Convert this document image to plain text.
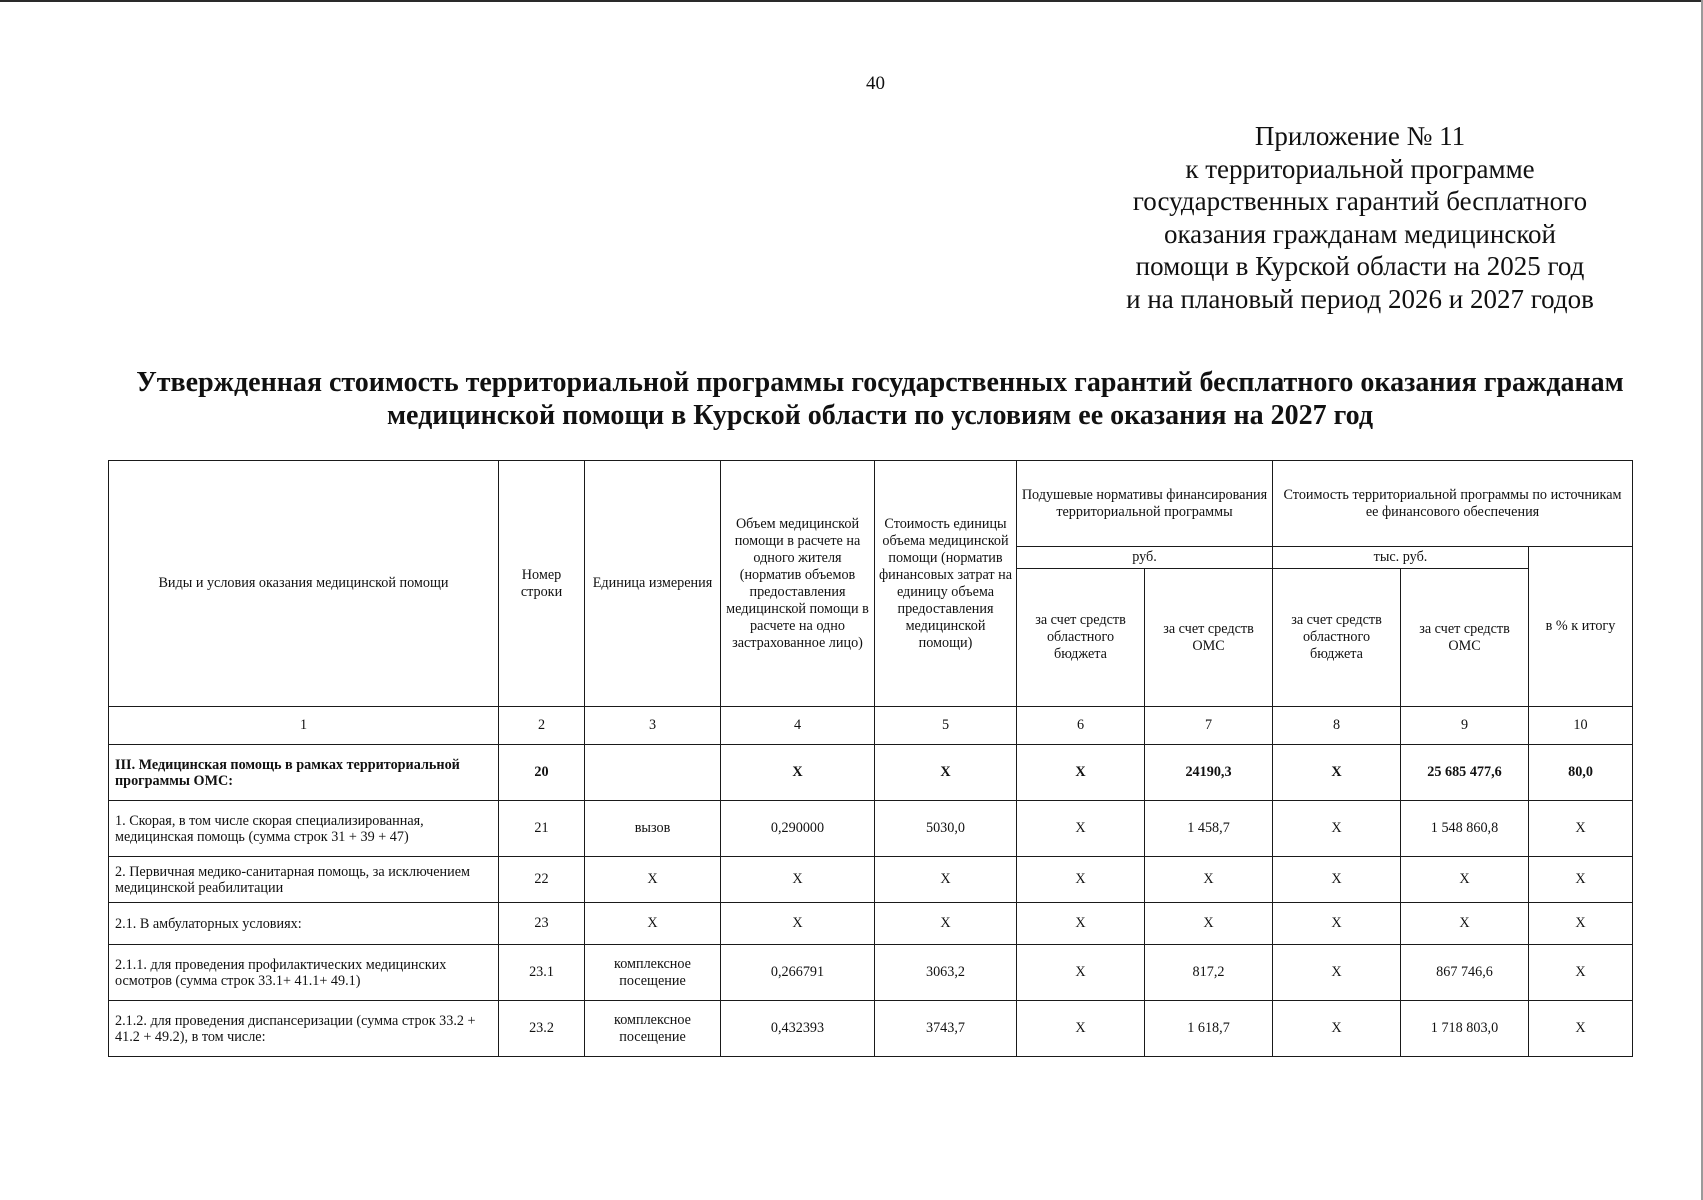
40
Приложение № 11
к территориальной программе
государственных гарантий бесплатного
оказания гражданам медицинской
помощи в Курской области на 2025 год
и на плановый период 2026 и 2027 годов
Утвержденная стоимость территориальной программы государственных гарантий бесплатного оказания гражданам
медицинской помощи в Курской области по условиям ее оказания на 2027 год
Виды и условия оказания медицинской помощи	Номер строки	Единица измерения	Объем медицинской помощи в расчете на одного жителя (норматив объемов предоставления медицинской помощи в расчете на одно застрахованное лицо)	Стоимость единицы объема медицинской помощи (норматив финансовых затрат на единицу объема предоставления медицинской помощи)	Подушевые нормативы финансирования территориальной программы		Стоимость территориальной программы по источникам ее финансового обеспечения		
					руб.		тыс. руб.		в % к итогу
					за счет средств областного бюджета	за счет средств ОМС	за счет средств областного бюджета	за счет средств ОМС	
1	2	3	4	5	6	7	8	9	10
III. Медицинская помощь в рамках территориальной программы ОМС:	20		Х	Х	Х	24190,3	Х	25 685 477,6	80,0
1. Скорая, в том числе скорая специализированная, медицинская помощь (сумма строк 31 + 39 + 47)	21	вызов	0,290000	5030,0	Х	1 458,7	Х	1 548 860,8	Х
2. Первичная медико-санитарная помощь, за исключением медицинской реабилитации	22	Х	Х	Х	Х	Х	Х	Х	Х
2.1. В амбулаторных условиях:	23	Х	Х	Х	Х	Х	Х	Х	Х
2.1.1. для проведения профилактических медицинских осмотров (сумма строк 33.1+ 41.1+ 49.1)	23.1	комплексное посещение	0,266791	3063,2	Х	817,2	Х	867 746,6	Х
2.1.2. для проведения диспансеризации (сумма строк 33.2 + 41.2 + 49.2), в том числе:	23.2	комплексное посещение	0,432393	3743,7	Х	1 618,7	Х	1 718 803,0	Х
